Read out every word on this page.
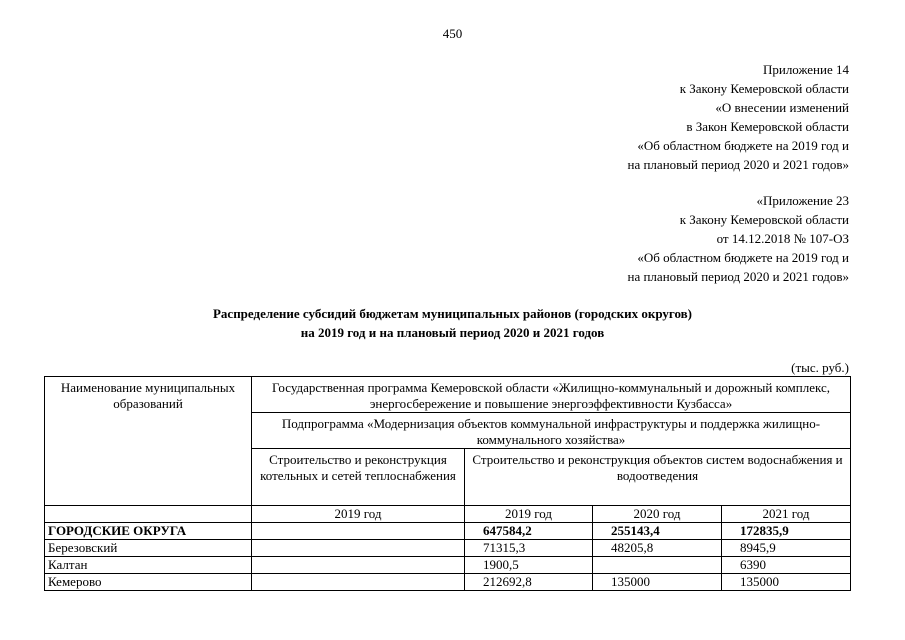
450
Приложение 14
к Закону Кемеровской области
«О внесении изменений
в Закон Кемеровской области
«Об областном бюджете на 2019 год и
на плановый период 2020 и 2021 годов»
«Приложение 23
к Закону Кемеровской области
от 14.12.2018 № 107-ОЗ
«Об областном бюджете на 2019 год и
на плановый период 2020 и 2021 годов»
Распределение субсидий бюджетам муниципальных районов (городских округов)
на 2019 год и на плановый период 2020 и 2021 годов
(тыс. руб.)
Наименование муниципальных образований	Государственная программа Кемеровской области «Жилищно-коммунальный и дорожный комплекс, энергосбережение и повышение энергоэффективности Кузбасса»			
	Подпрограмма «Модернизация объектов коммунальной инфраструктуры и поддержка жилищно-коммунального хозяйства»			
	Строительство и реконструкция котельных и сетей теплоснабжения	Строительство и реконструкция объектов систем водоснабжения и водоотведения		
	2019 год	2019 год	2020 год	2021 год
ГОРОДСКИЕ ОКРУГА		647584,2	255143,4	172835,9
Березовский		71315,3	48205,8	8945,9
Калтан		1900,5		6390
Кемерово		212692,8	135000	135000
